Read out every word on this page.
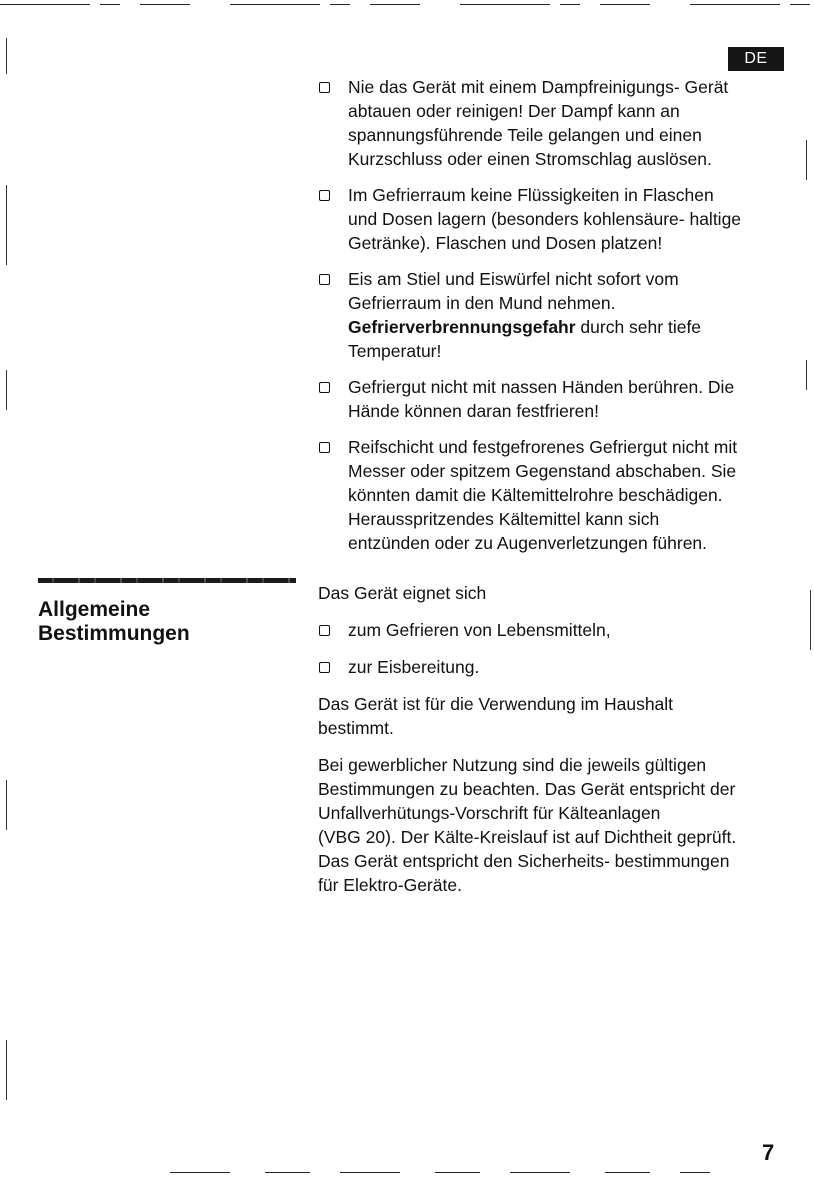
DE
Nie das Gerät mit einem Dampfreinigungs- Gerät
abtauen oder reinigen! Der Dampf kann an
spannungsführende Teile gelangen und einen
Kurzschluss oder einen Stromschlag auslösen.
Im Gefrierraum keine Flüssigkeiten in Flaschen
und Dosen lagern (besonders kohlensäure- haltige
Getränke). Flaschen und Dosen platzen!
Eis am Stiel und Eiswürfel nicht sofort vom
Gefrierraum in den Mund nehmen.
Gefrierverbrennungsgefahr durch sehr tiefe
Temperatur!
Gefriergut nicht mit nassen Händen berühren. Die
Hände können daran festfrieren!
Reifschicht und festgefrorenes Gefriergut nicht mit
Messer oder spitzem Gegenstand abschaben. Sie
könnten damit die Kältemittelrohre beschädigen.
Herausspritzendes Kältemittel kann sich
entzünden oder zu Augenverletzungen führen.
Allgemeine
Bestimmungen

Das Gerät eignet sich

zum Gefrieren von Lebensmitteln,
zur Eisbereitung.
Das Gerät ist für die Verwendung im Haushalt
bestimmt.
Bei gewerblicher Nutzung sind die jeweils gültigen
Bestimmungen zu beachten. Das Gerät entspricht der
Unfallverhütungs-Vorschrift für Kälteanlagen
(VBG 20). Der Kälte-Kreislauf ist auf Dichtheit geprüft.
Das Gerät entspricht den Sicherheits- bestimmungen
für Elektro-Geräte.
7
